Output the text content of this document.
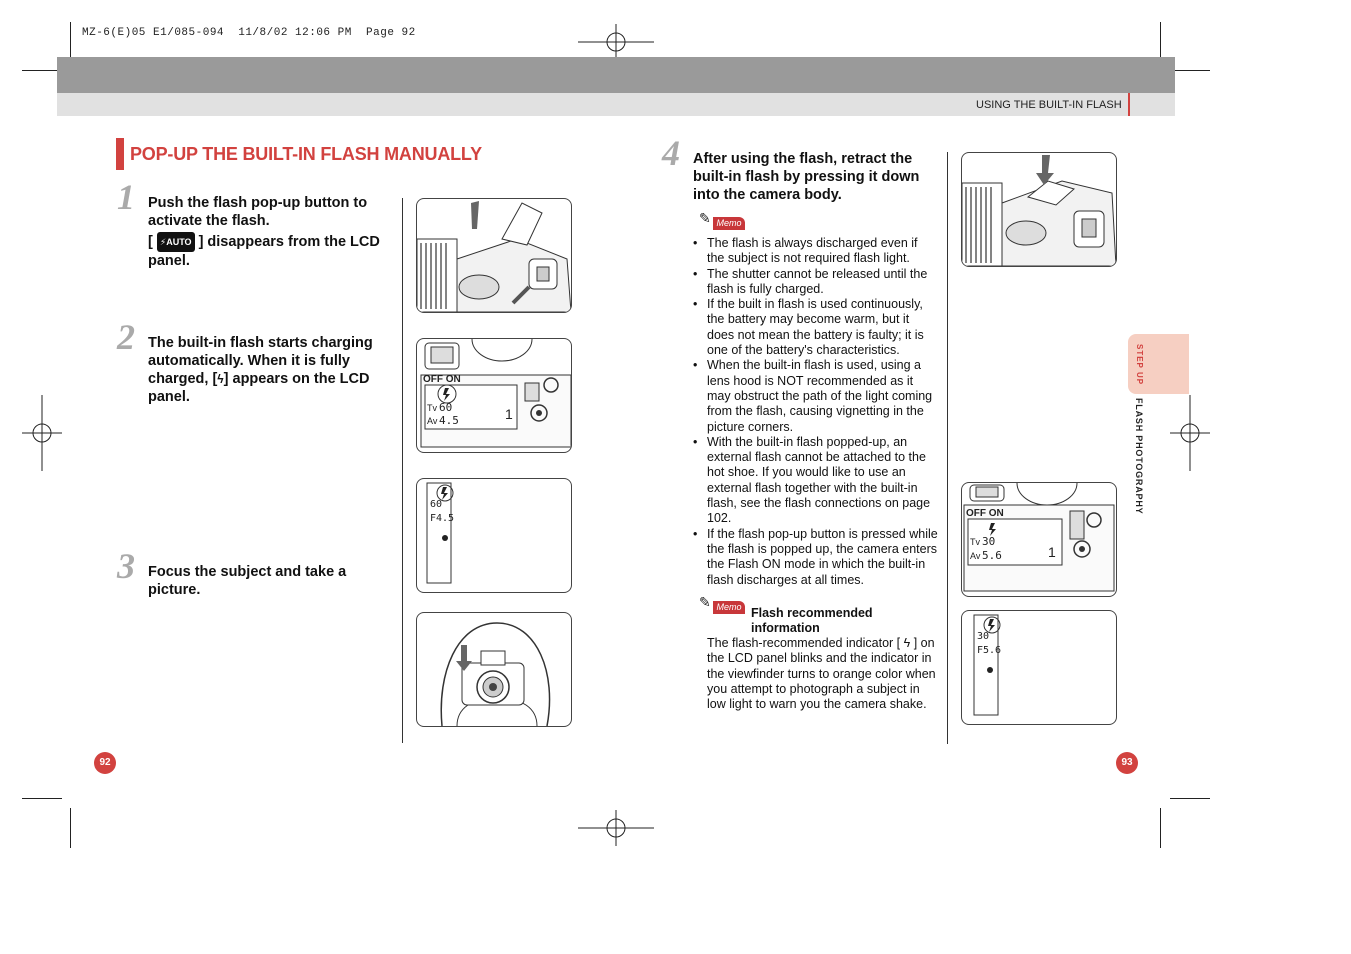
MZ-6(E)05 E1/085-094  11/8/02 12:06 PM  Page 92
USING THE BUILT-IN FLASH
POP-UP THE BUILT-IN FLASH MANUALLY
1 Push the flash pop-up button to activate the flash.
[ ⚡AUTO ] disappears from the LCD panel.
2 The built-in flash starts charging automatically. When it is fully charged, [ϟ] appears on the LCD panel.
3 Focus the subject and take a picture.
1
OFF ON
Tv 60
Av 4.5
60
F4.5
4 After using the flash, retract the built-in flash by pressing it down into the camera body.
✎ Memo
• The flash is always discharged even if the subject is not required flash light.
• The shutter cannot be released until the flash is fully charged.
• If the built in flash is used continuously, the battery may become warm, but it does not mean the battery is faulty; it is one of the battery's characteristics.
• When the built-in flash is used, using a lens hood is NOT recommended as it may obstruct the path of the light coming from the flash, causing vignetting in the picture corners.
• With the built-in flash popped-up, an external flash cannot be attached to the hot shoe. If you would like to use an external flash together with the built-in flash, see the flash connections on page 102.
• If the flash pop-up button is pressed while the flash is popped up, the camera enters the Flash ON mode in which the built-in flash discharges at all times.
✎ Memo Flash recommended information
The flash-recommended indicator [ ϟ ] on the LCD panel blinks and the indicator in the viewfinder turns to orange color when you attempt to photograph a subject in low light to warn you the camera shake.
1
OFF ON
Tv 30
Av 5.6
30
F5.6
STEP UP
FLASH PHOTOGRAPHY
92	93
